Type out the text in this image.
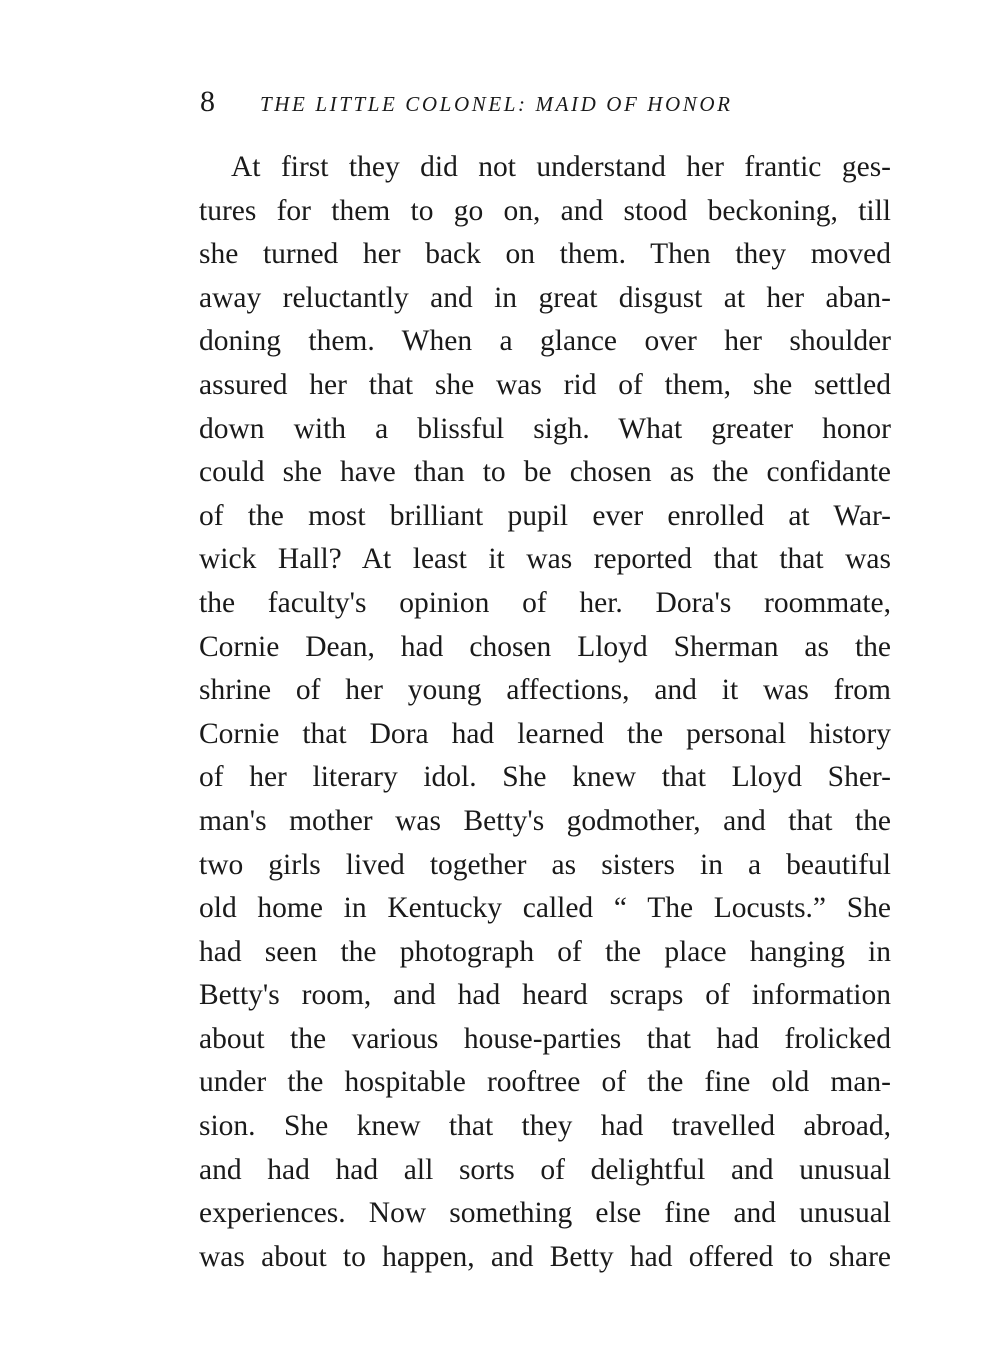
8 THE LITTLE COLONEL: MAID OF HONOR
At first they did not understand her frantic ges-
tures for them to go on, and stood beckoning, till
she turned her back on them. Then they moved
away reluctantly and in great disgust at her aban-
doning them. When a glance over her shoulder
assured her that she was rid of them, she settled
down with a blissful sigh. What greater honor
could she have than to be chosen as the confidante
of the most brilliant pupil ever enrolled at War-
wick Hall? At least it was reported that that was
the faculty's opinion of her. Dora's roommate,
Cornie Dean, had chosen Lloyd Sherman as the
shrine of her young affections, and it was from
Cornie that Dora had learned the personal history
of her literary idol. She knew that Lloyd Sher-
man's mother was Betty's godmother, and that the
two girls lived together as sisters in a beautiful
old home in Kentucky called “ The Locusts.” She
had seen the photograph of the place hanging in
Betty's room, and had heard scraps of information
about the various house-parties that had frolicked
under the hospitable rooftree of the fine old man-
sion. She knew that they had travelled abroad,
and had had all sorts of delightful and unusual
experiences. Now something else fine and unusual
was about to happen, and Betty had offered to share
